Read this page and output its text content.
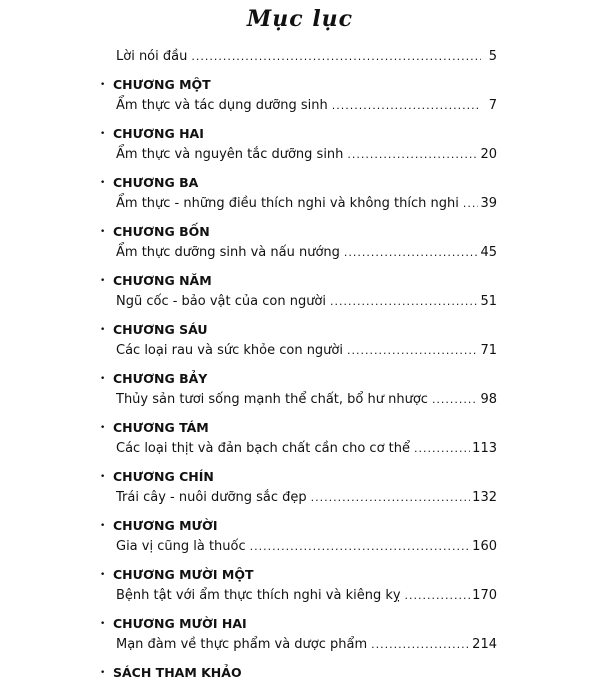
Mục lục
Lời nói đầu .....	5
• CHƯƠNG MỘT
Ẩm thực và tác dụng dưỡng sinh .....	7
• CHƯƠNG HAI
Ẩm thực và nguyên tắc dưỡng sinh .....	20
• CHƯƠNG BA
Ẩm thực - những điều thích nghi và không thích nghi ..... 39
• CHƯƠNG BỐN
Ẩm thực dưỡng sinh và nấu nướng .....	45
• CHƯƠNG NĂM
Ngũ cốc - bảo vật của con người .....	51
• CHƯƠNG SÁU
Các loại rau và sức khỏe con người .....	71
• CHƯƠNG BẢY
Thủy sản tươi sống mạnh thể chất, bổ hư nhược .....	98
• CHƯƠNG TÁM
Các loại thịt và đản bạch chất cần cho cơ thể .....	113
• CHƯƠNG CHÍN
Trái cây - nuôi dưỡng sắc đẹp .....	132
• CHƯƠNG MƯỜI
Gia vị cũng là thuốc .....	160
• CHƯƠNG MƯỜI MỘT
Bệnh tật với ẩm thực thích nghi và kiêng kỵ .....	170
• CHƯƠNG MƯỜI HAI
Mạn đàm về thực phẩm và dược phẩm .....	214
• SÁCH THAM KHẢO
